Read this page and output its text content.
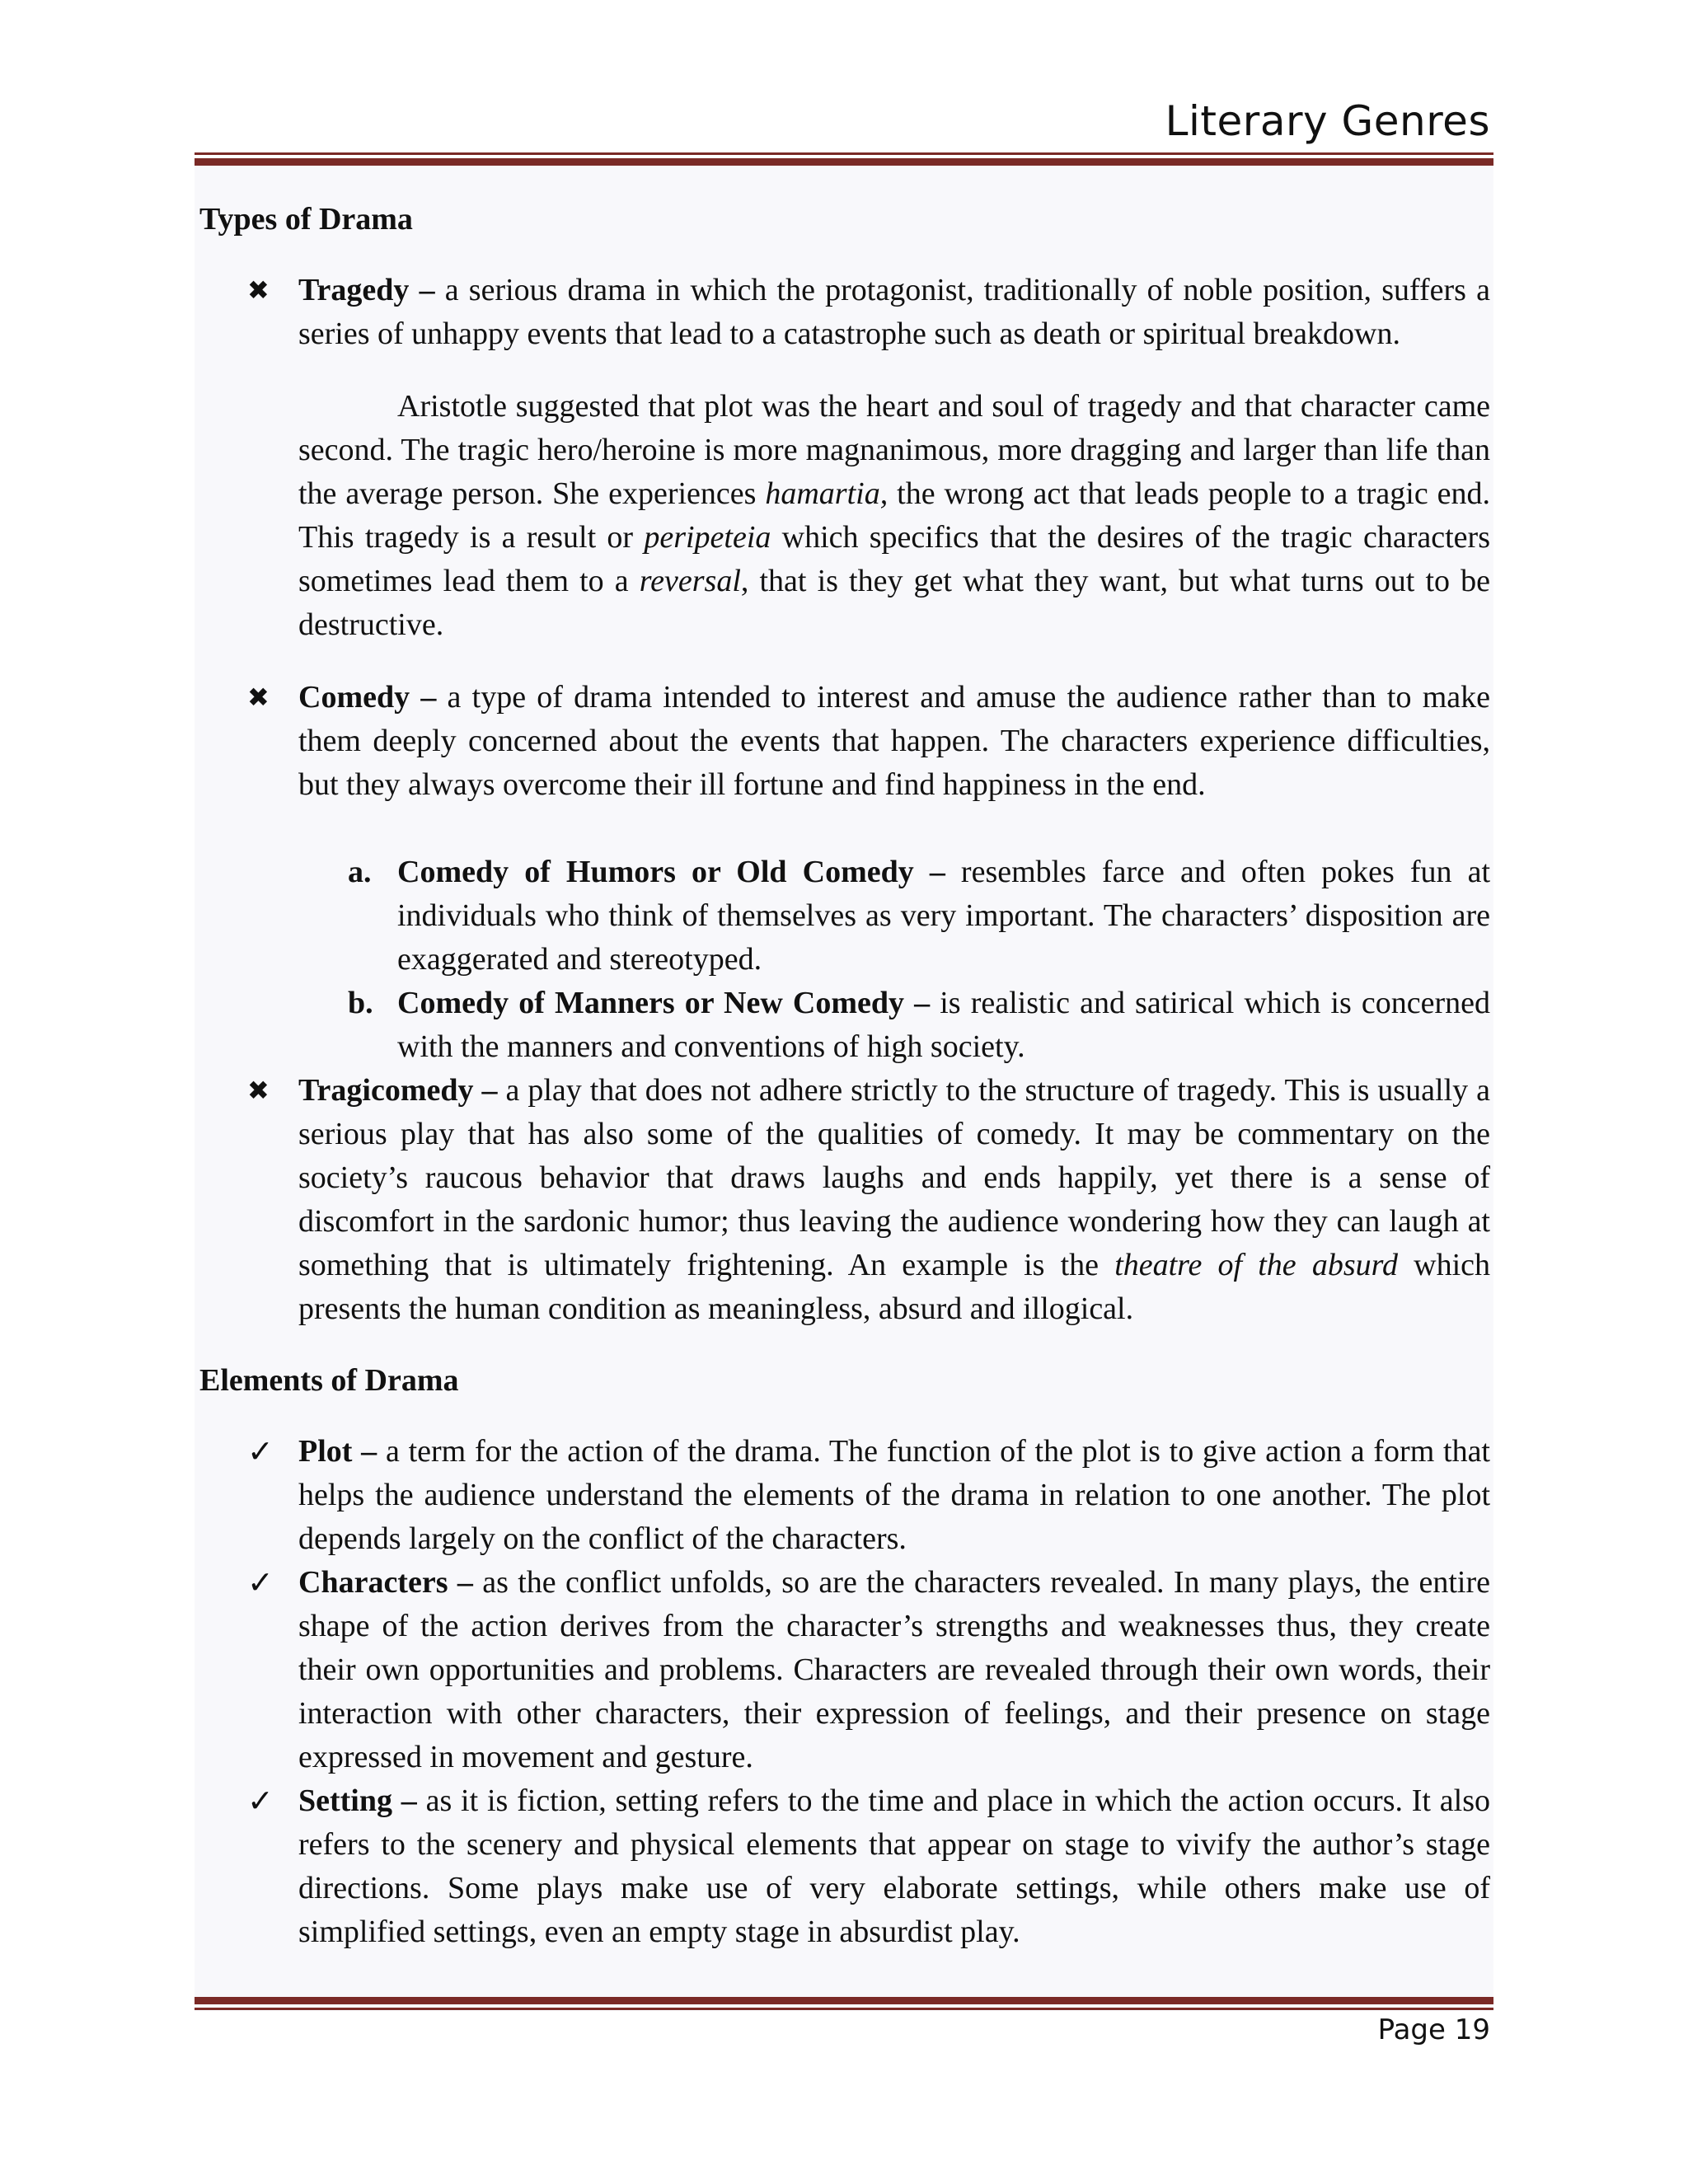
Literary Genres

Types of Drama

✖ Tragedy – a serious drama in which the protagonist, traditionally of noble position, suffers a series of unhappy events that lead to a catastrophe such as death or spiritual breakdown.
Aristotle suggested that plot was the heart and soul of tragedy and that character came second. The tragic hero/heroine is more magnanimous, more dragging and larger than life than the average person. She experiences hamartia, the wrong act that leads people to a tragic end. This tragedy is a result or peripeteia which specifics that the desires of the tragic characters sometimes lead them to a reversal, that is they get what they want, but what turns out to be destructive.
✖ Comedy – a type of drama intended to interest and amuse the audience rather than to make them deeply concerned about the events that happen. The characters experience difficulties, but they always overcome their ill fortune and find happiness in the end.
a. Comedy of Humors or Old Comedy – resembles farce and often pokes fun at individuals who think of themselves as very important. The characters’ disposition are exaggerated and stereotyped.
b. Comedy of Manners or New Comedy – is realistic and satirical which is concerned with the manners and conventions of high society.
✖ Tragicomedy – a play that does not adhere strictly to the structure of tragedy. This is usually a serious play that has also some of the qualities of comedy. It may be commentary on the society’s raucous behavior that draws laughs and ends happily, yet there is a sense of discomfort in the sardonic humor; thus leaving the audience wondering how they can laugh at something that is ultimately frightening. An example is the theatre of the absurd which presents the human condition as meaningless, absurd and illogical.

Elements of Drama

✓ Plot – a term for the action of the drama. The function of the plot is to give action a form that helps the audience understand the elements of the drama in relation to one another. The plot depends largely on the conflict of the characters.
✓ Characters – as the conflict unfolds, so are the characters revealed. In many plays, the entire shape of the action derives from the character’s strengths and weaknesses thus, they create their own opportunities and problems. Characters are revealed through their own words, their interaction with other characters, their expression of feelings, and their presence on stage expressed in movement and gesture.
✓ Setting – as it is fiction, setting refers to the time and place in which the action occurs. It also refers to the scenery and physical elements that appear on stage to vivify the author’s stage directions. Some plays make use of very elaborate settings, while others make use of simplified settings, even an empty stage in absurdist play.
Page 19
